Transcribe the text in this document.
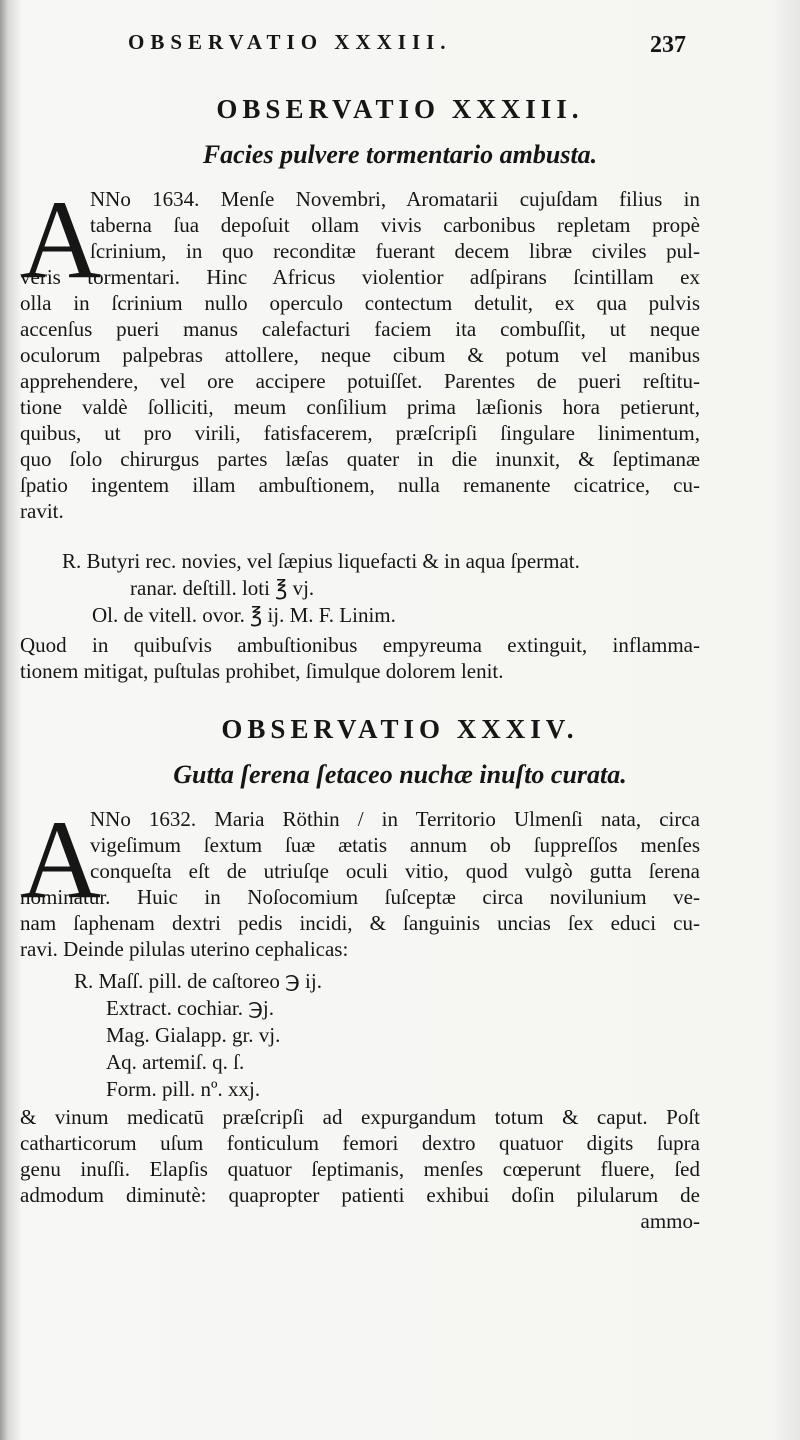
OBSERVATIO XXXIII.	237
OBSERVATIO XXXIII.
Facies pulvere tormentario ambusta.
A
NNo 1634. Menſe Novembri, Aromatarii cujuſdam filius in
taberna ſua depoſuit ollam vivis carbonibus repletam propè
ſcrinium, in quo reconditæ fuerant decem libræ civiles pul-
veris tormentari. Hinc Africus violentior adſpirans ſcintillam ex
olla in ſcrinium nullo operculo contectum detulit, ex qua pulvis
accenſus pueri manus calefacturi faciem ita combuſſit, ut neque
oculorum palpebras attollere, neque cibum & potum vel manibus
apprehendere, vel ore accipere potuiſſet. Parentes de pueri reſtitu-
tione valdè ſolliciti, meum conſilium prima læſionis hora petierunt,
quibus, ut pro virili, fatisfacerem, præſcripſi ſingulare linimentum,
quo ſolo chirurgus partes læſas quater in die inunxit, & ſeptimanæ
ſpatio ingentem illam ambuſtionem, nulla remanente cicatrice, cu-
ravit.
R. Butyri rec. novies, vel ſæpius liquefacti & in aqua ſpermat.
ranar. deſtill. loti ℥ vj.
Ol. de vitell. ovor. ℥ ij. M. F. Linim.
Quod in quibuſvis ambuſtionibus empyreuma extinguit, inflamma-
tionem mitigat, puſtulas prohibet, ſimulque dolorem lenit.
OBSERVATIO XXXIV.
Gutta ſerena ſetaceo nuchæ inuſto curata.
A
NNo 1632. Maria Röthin / in Territorio Ulmenſi nata, circa
vigeſimum ſextum ſuæ ætatis annum ob ſuppreſſos menſes
conqueſta eſt de utriuſqe oculi vitio, quod vulgò gutta ſerena
nominatur. Huic in Noſocomium ſuſceptæ circa novilunium ve-
nam ſaphenam dextri pedis incidi, & ſanguinis uncias ſex educi cu-
ravi. Deinde pilulas uterino cephalicas:
R. Maſſ. pill. de caſtoreo ℈ ij.
Extract. cochiar. ℈j.
Mag. Gialapp. gr. vj.
Aq. artemiſ. q. ſ.
Form. pill. nº. xxj.
& vinum medicatū præſcripſi ad expurgandum totum & caput. Poſt
catharticorum uſum fonticulum femori dextro quatuor digits ſupra
genu inuſſi. Elapſis quatuor ſeptimanis, menſes cœperunt fluere, ſed
admodum diminutè: quapropter patienti exhibui doſin pilularum de
ammo-
